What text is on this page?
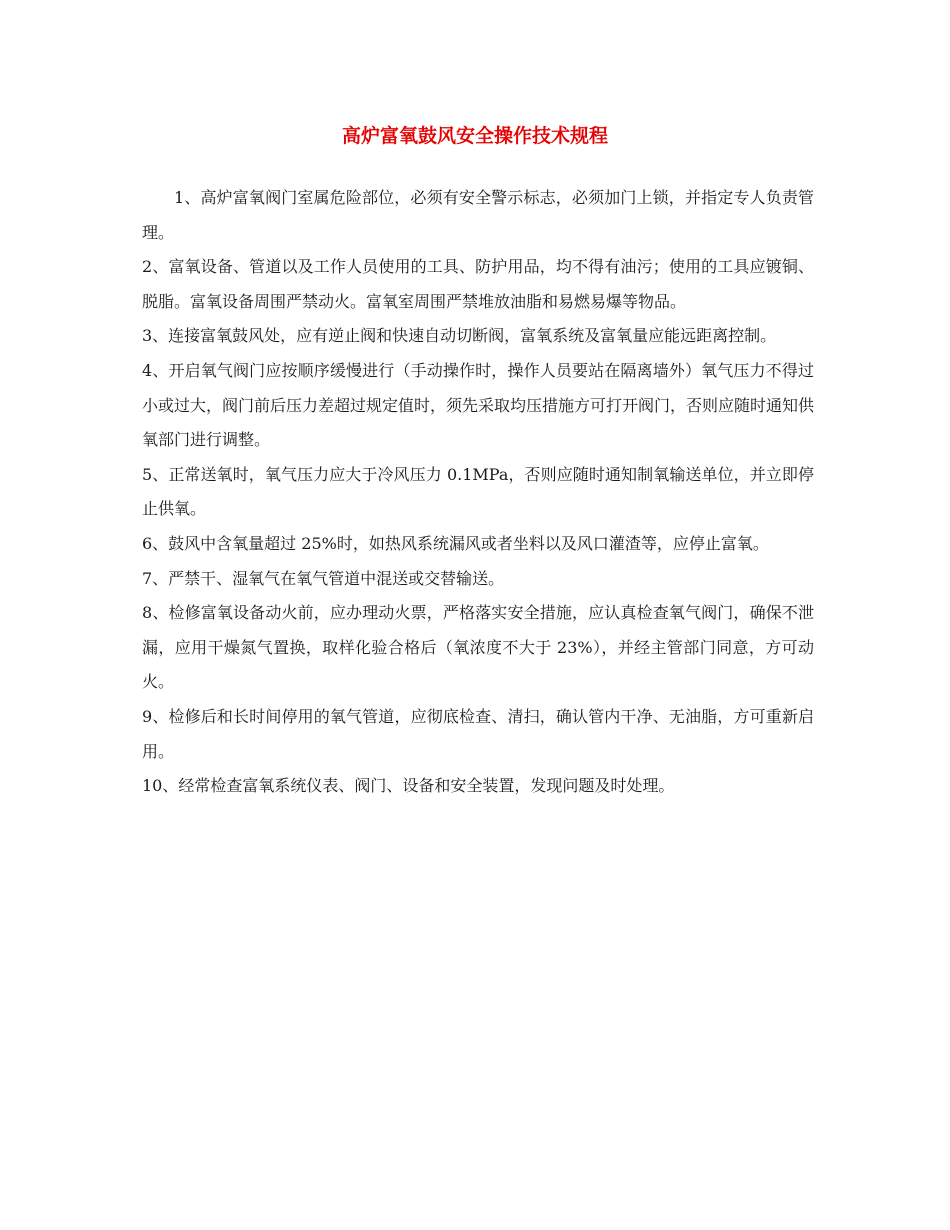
高炉富氧鼓风安全操作技术规程

1、高炉富氧阀门室属危险部位，必须有安全警示标志，必须加门上锁，并指定专人负责管理。

2、富氧设备、管道以及工作人员使用的工具、防护用品，均不得有油污；使用的工具应镀铜、脱脂。富氧设备周围严禁动火。富氧室周围严禁堆放油脂和易燃易爆等物品。

3、连接富氧鼓风处，应有逆止阀和快速自动切断阀，富氧系统及富氧量应能远距离控制。

4、开启氧气阀门应按顺序缓慢进行（手动操作时，操作人员要站在隔离墙外）氧气压力不得过小或过大，阀门前后压力差超过规定值时，须先采取均压措施方可打开阀门，否则应随时通知供氧部门进行调整。

5、正常送氧时，氧气压力应大于冷风压力 0.1MPa，否则应随时通知制氧输送单位，并立即停止供氧。

6、鼓风中含氧量超过 25%时，如热风系统漏风或者坐料以及风口灌渣等，应停止富氧。

7、严禁干、湿氧气在氧气管道中混送或交替输送。

8、检修富氧设备动火前，应办理动火票，严格落实安全措施，应认真检查氧气阀门，确保不泄漏，应用干燥氮气置换，取样化验合格后（氧浓度不大于 23%），并经主管部门同意，方可动火。

9、检修后和长时间停用的氧气管道，应彻底检查、清扫，确认管内干净、无油脂，方可重新启用。

10、经常检查富氧系统仪表、阀门、设备和安全装置，发现问题及时处理。
